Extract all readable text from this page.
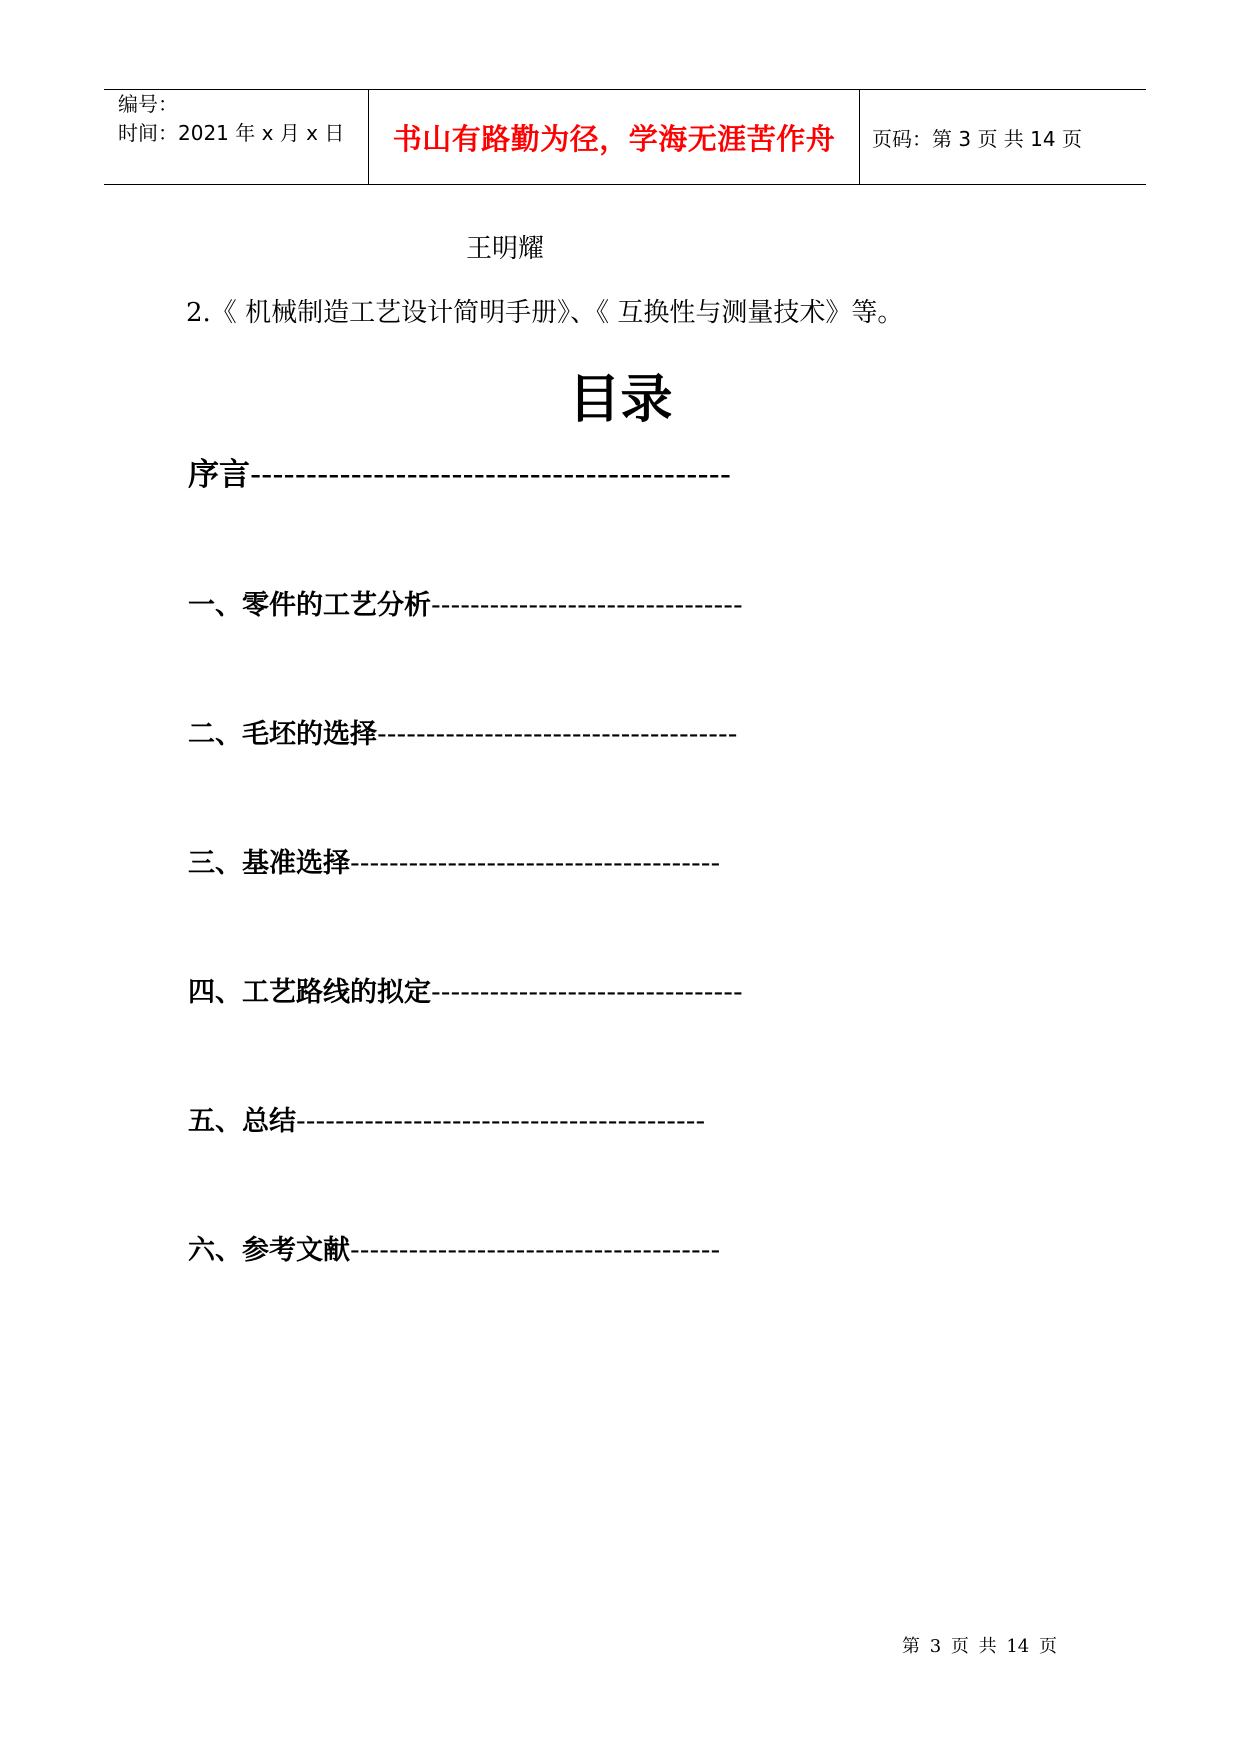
编号：
时间：2021 年 x 月 x 日 书山有路勤为径，学海无涯苦作舟 页码：第 3 页 共 14 页
王明耀
2.《 机械制造工艺设计简明手册》、《 互换性与测量技术》等。
目录
序言-------------------------------------------
一、零件的工艺分析--------------------------------
二、毛坯的选择-------------------------------------
三、基准选择--------------------------------------
四、工艺路线的拟定--------------------------------
五、总结------------------------------------------
六、参考文献--------------------------------------
第 3 页 共 14 页
